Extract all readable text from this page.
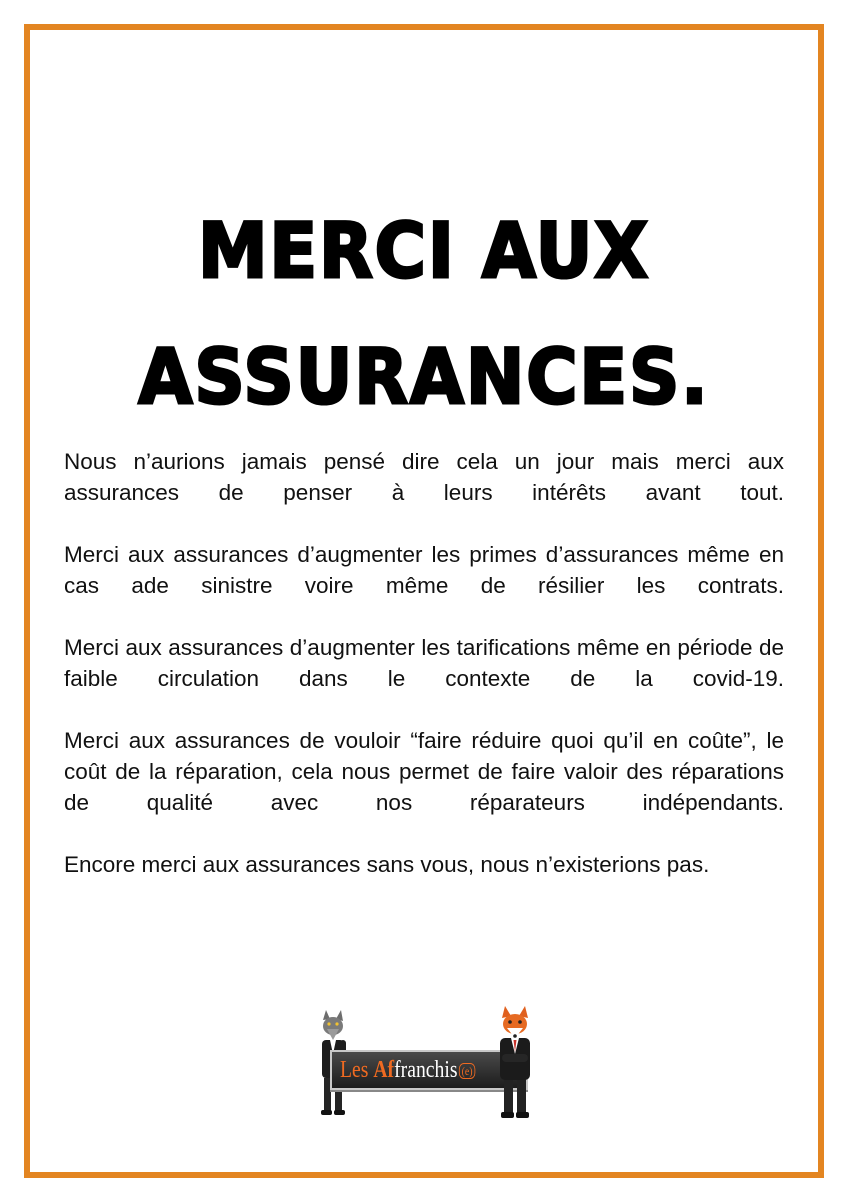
MERCI AUX
ASSURANCES.

Nous n’aurions jamais pensé dire cela un jour mais merci aux assurances de penser à leurs intérêts avant tout.

Merci aux assurances d’augmenter les primes d’assurances même en cas ade sinistre voire même de résilier les contrats.

Merci aux assurances d’augmenter les tarifications même en période de faible circulation dans le contexte de la covid-19.

Merci aux assurances de vouloir “faire réduire quoi qu’il en coûte”, le coût de la réparation, cela nous permet de faire valoir des réparations de qualité avec nos réparateurs indépendants.

Encore merci aux assurances sans vous, nous n’existerions pas.

Les Affranchis (e)
